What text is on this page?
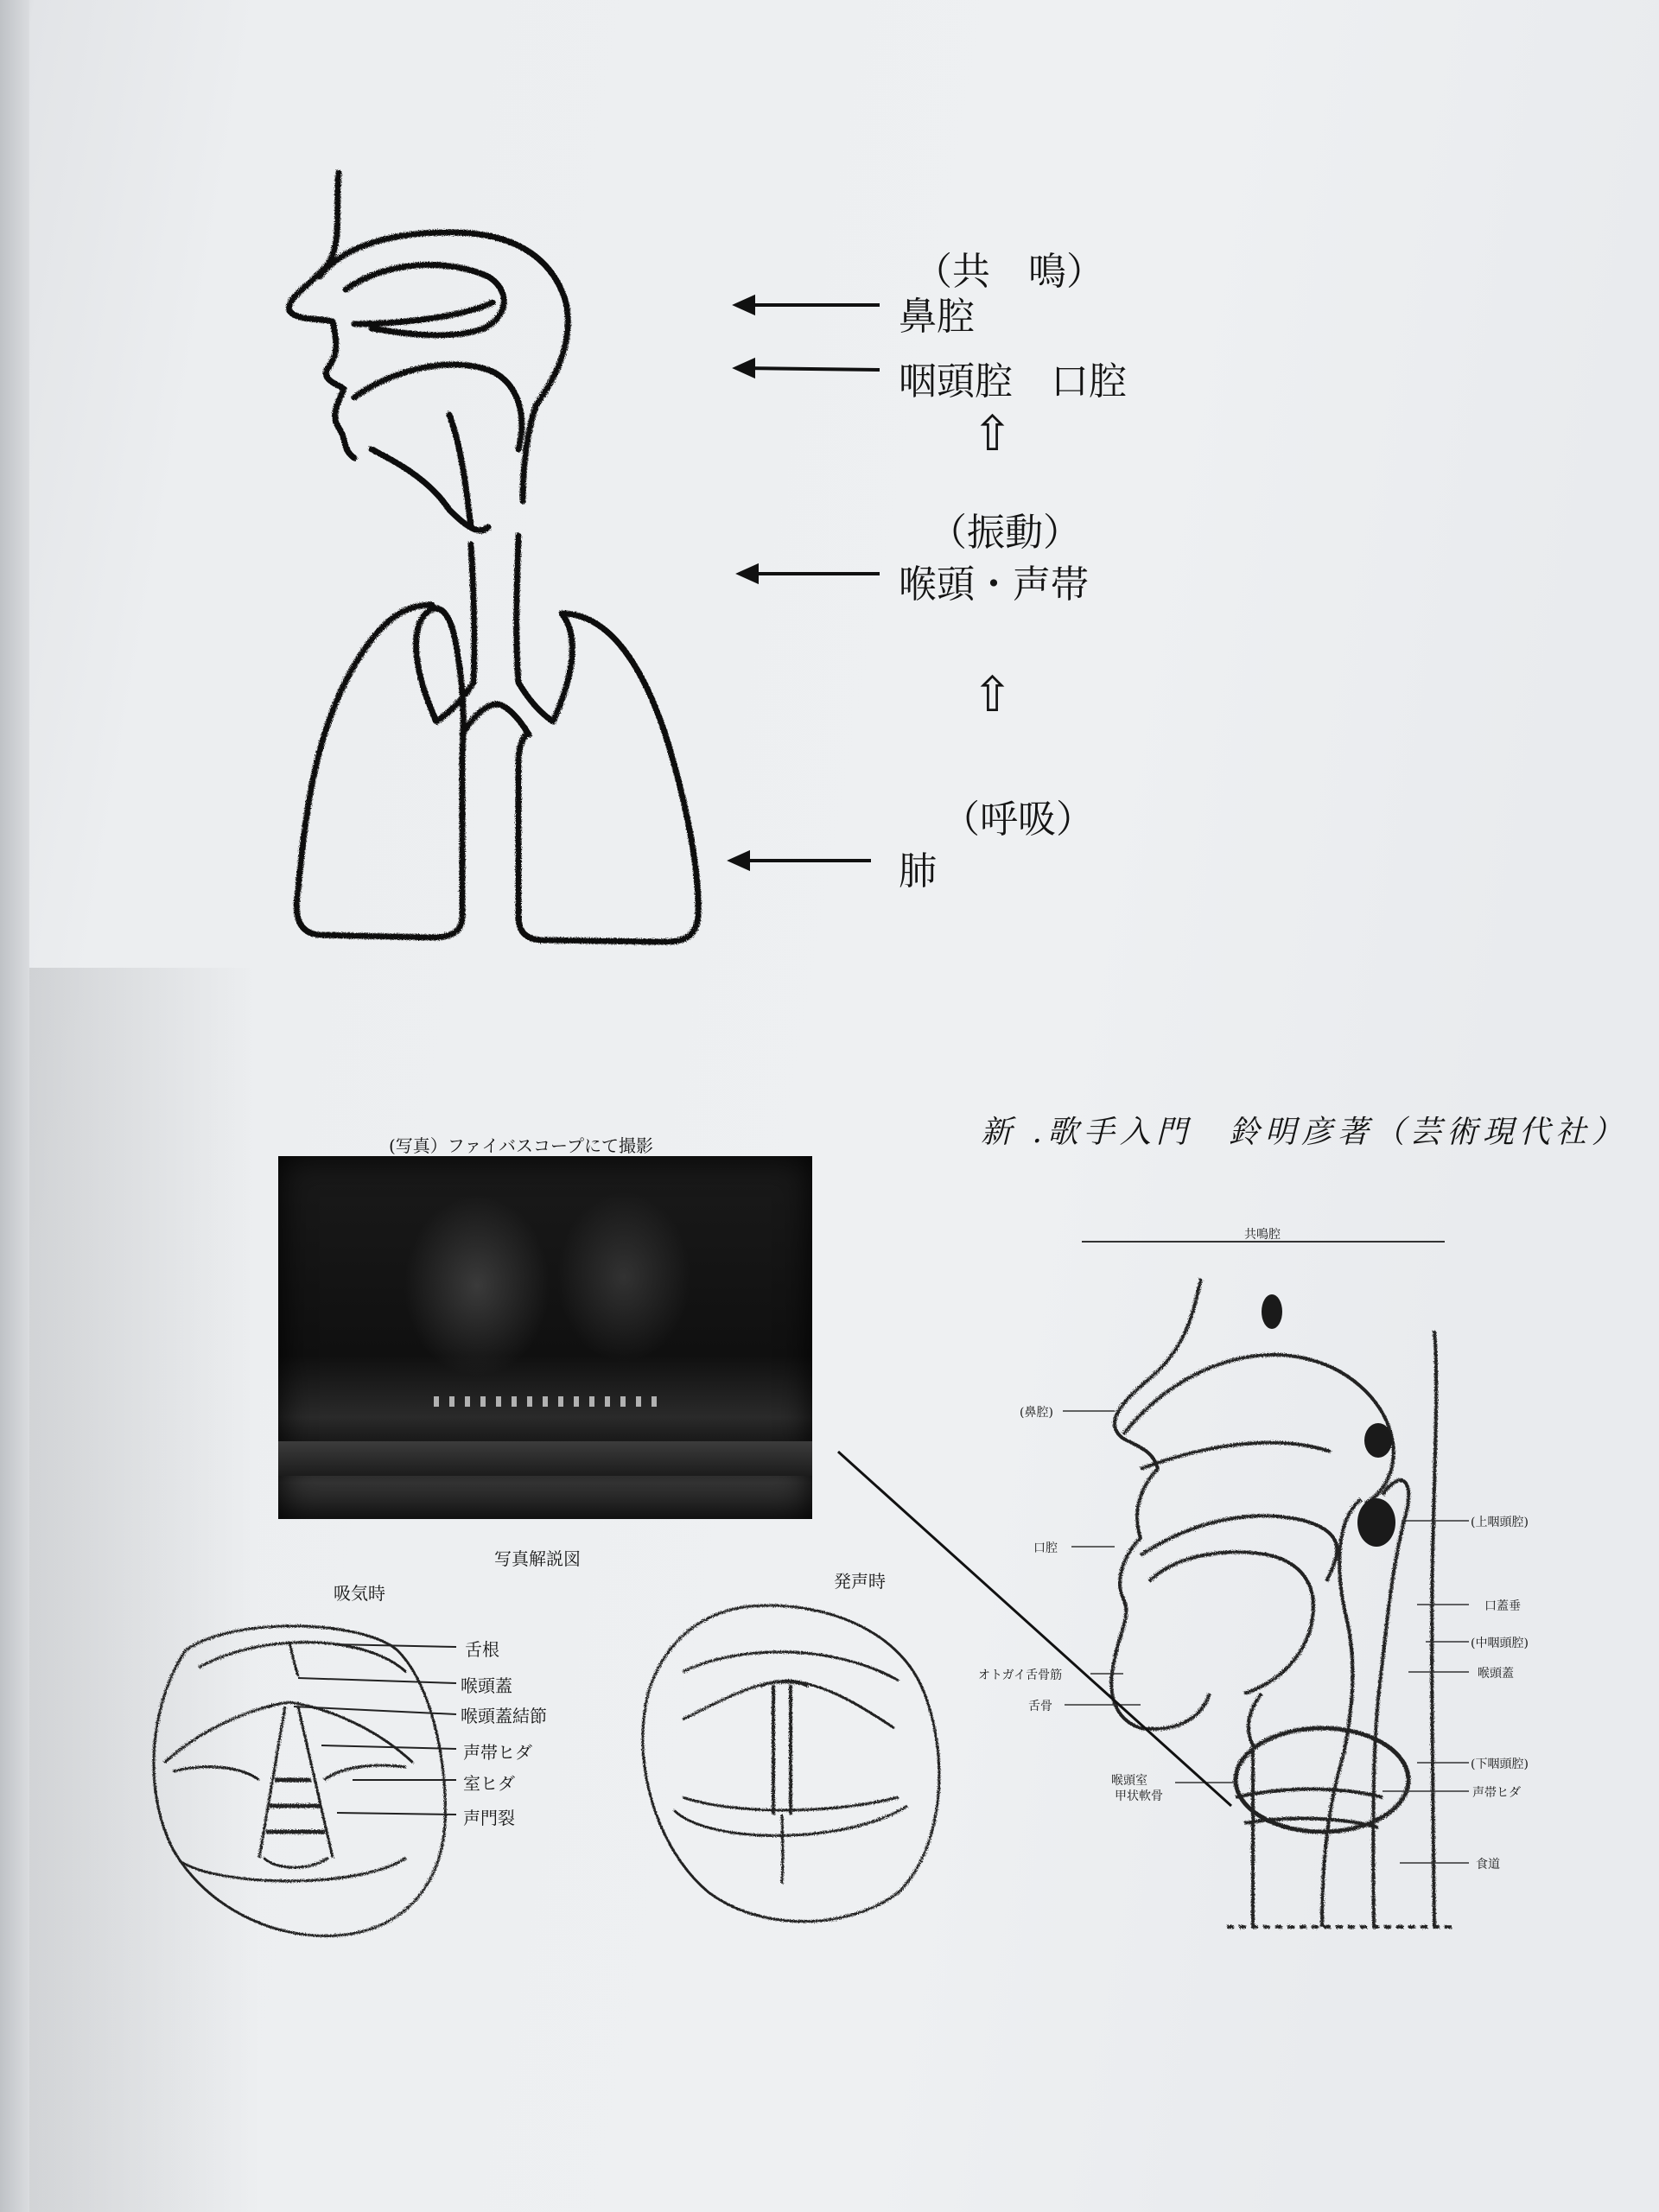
（共　鳴）
鼻腔
咽頭腔　口腔
⇧
（振動）
喉頭・声帯
⇧
（呼吸）
肺
(写真）ファイバスコープにて撮影
写真解説図
吸気時
発声時
舌根
喉頭蓋
喉頭蓋結節
声帯ヒダ
室ヒダ
声門裂
新 .歌手入門　鈴明彦著（芸術現代社）
共鳴腔
(鼻腔)
口腔
オトガイ舌骨筋
舌骨
喉頭室
甲状軟骨
(上咽頭腔)
口蓋垂
(中咽頭腔)
喉頭蓋
(下咽頭腔)
声帯ヒダ
食道
